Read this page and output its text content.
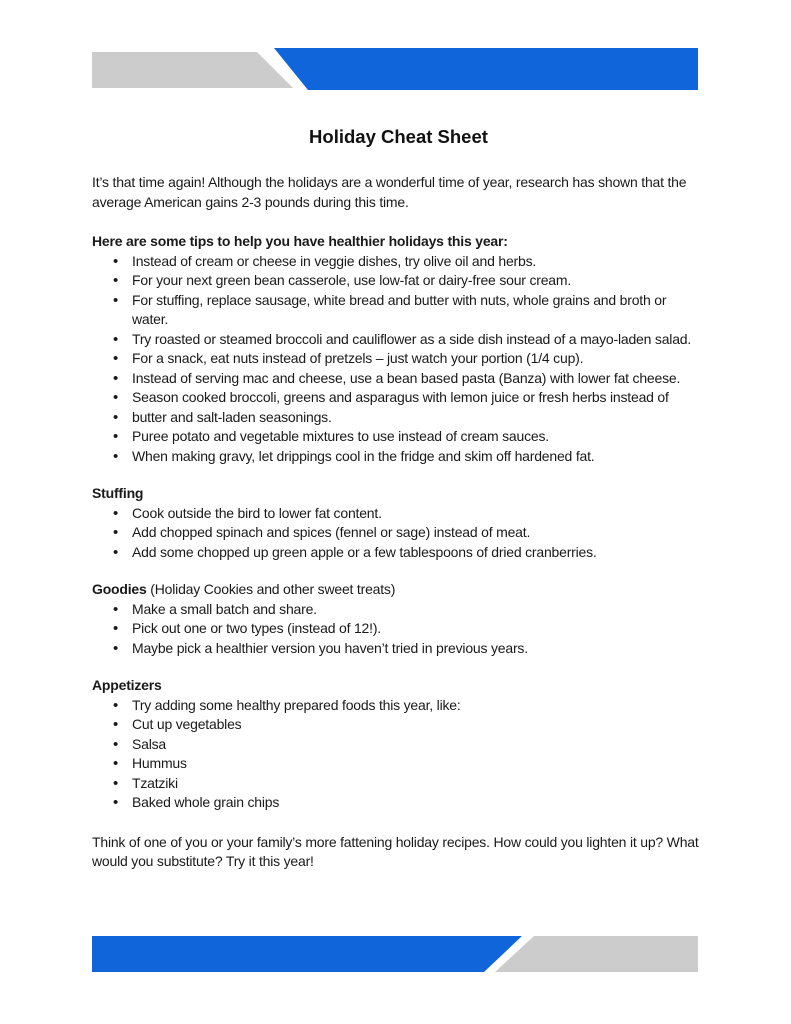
Holiday Cheat Sheet

It’s that time again! Although the holidays are a wonderful time of year, research has shown that the average American gains 2-3 pounds during this time.

Here are some tips to help you have healthier holidays this year:
• Instead of cream or cheese in veggie dishes, try olive oil and herbs.
• For your next green bean casserole, use low-fat or dairy-free sour cream.
• For stuffing, replace sausage, white bread and butter with nuts, whole grains and broth or water.
• Try roasted or steamed broccoli and cauliflower as a side dish instead of a mayo-laden salad.
• For a snack, eat nuts instead of pretzels – just watch your portion (1/4 cup).
• Instead of serving mac and cheese, use a bean based pasta (Banza) with lower fat cheese.
• Season cooked broccoli, greens and asparagus with lemon juice or fresh herbs instead of
• butter and salt-laden seasonings.
• Puree potato and vegetable mixtures to use instead of cream sauces.
• When making gravy, let drippings cool in the fridge and skim off hardened fat.
Stuffing
• Cook outside the bird to lower fat content.
• Add chopped spinach and spices (fennel or sage) instead of meat.
• Add some chopped up green apple or a few tablespoons of dried cranberries.
Goodies (Holiday Cookies and other sweet treats)
• Make a small batch and share.
• Pick out one or two types (instead of 12!).
• Maybe pick a healthier version you haven’t tried in previous years.
Appetizers
• Try adding some healthy prepared foods this year, like:
• Cut up vegetables
• Salsa
• Hummus
• Tzatziki
• Baked whole grain chips

Think of one of you or your family’s more fattening holiday recipes. How could you lighten it up? What would you substitute? Try it this year!
